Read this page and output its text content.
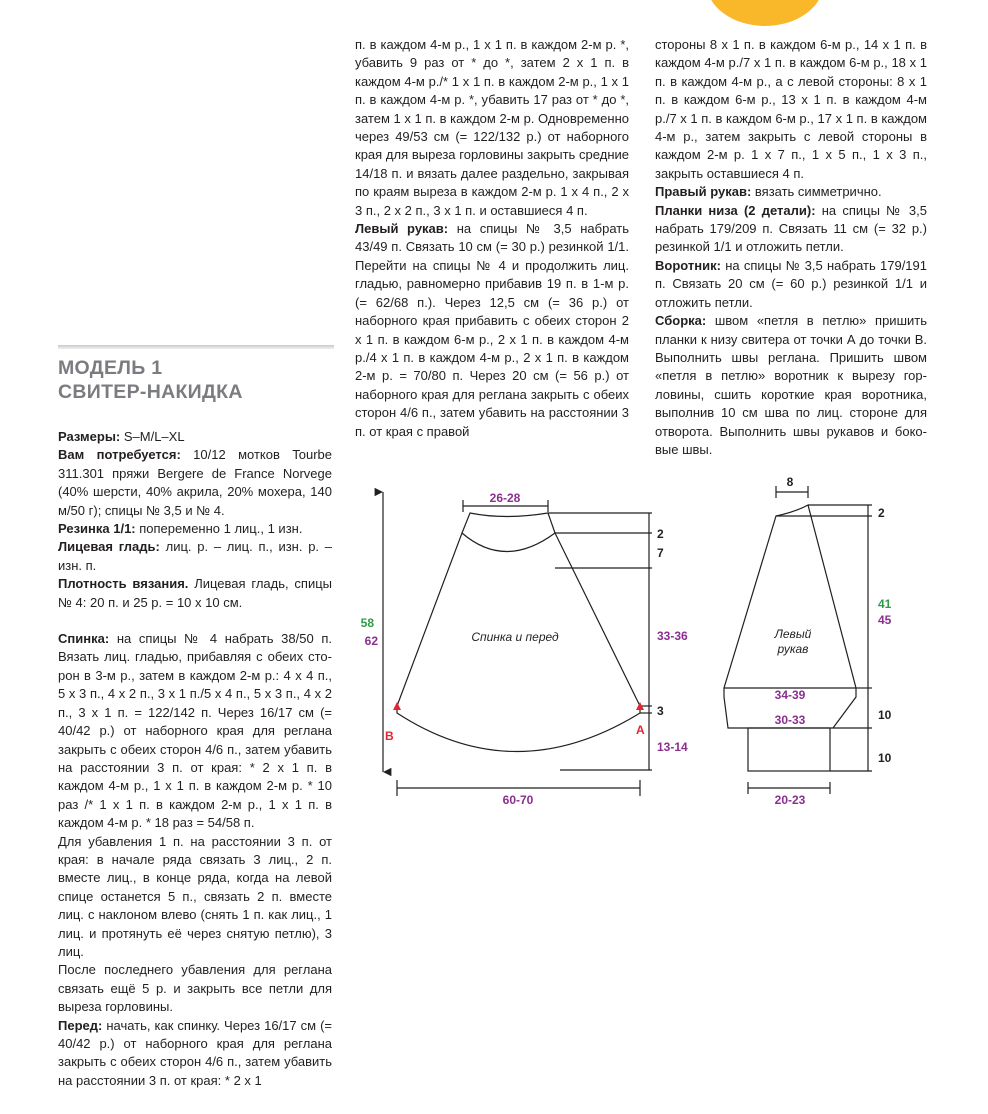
МОДЕЛЬ 1
СВИТЕР-НАКИДКА

Размеры: S–M/L–XL

Вам потребуется: 10/12 мотков Tourbe 311.301 пряжи Bergere de France Norvege (40% шерсти, 40% акрила, 20% мохера, 140 м/50 г); спицы № 3,5 и № 4.

Резинка 1/1: попеременно 1 лиц., 1 изн.

Лицевая гладь: лиц. р. – лиц. п., изн. р. – изн. п.

Плотность вязания. Лицевая гладь, спицы № 4: 20 п. и 25 р. = 10 х 10 см.

Спинка: на спицы № 4 набрать 38/50 п. Вязать лиц. гладью, прибавляя с обеих сторон в 3-м р., затем в каждом 2-м р.: 4 х 4 п., 5 х 3 п., 4 х 2 п., 3 х 1 п./5 х 4 п., 5 х 3 п., 4 х 2 п., 3 х 1 п. = 122/142 п. Через 16/17 см (= 40/42 р.) от наборного края для реглана закрыть с обеих сторон 4/6 п., затем убавить на расстоянии 3 п. от края: * 2 х 1 п. в каждом 4-м р., 1 х 1 п. в каждом 2-м р. * 10 раз /* 1 х 1 п. в каждом 2-м р., 1 х 1 п. в каждом 4-м р. * 18 раз = 54/58 п.

Для убавления 1 п. на расстоянии 3 п. от края: в начале ряда связать 3 лиц., 2 п. вместе лиц., в конце ряда, когда на левой спице останется 5 п., связать 2 п. вместе лиц. с наклоном влево (снять 1 п. как лиц., 1 лиц. и протянуть её через снятую петлю), 3 лиц.

После последнего убавления для реглана связать ещё 5 р. и закрыть все петли для выреза горловины.

Перед: начать, как спинку. Через 16/17 см (= 40/42 р.) от наборного края для реглана закрыть с обеих сторон 4/6 п., затем убавить на расстоянии 3 п. от края: * 2 х 1

п. в каждом 4-м р., 1 х 1 п. в каждом 2-м р. *, убавить 9 раз от * до *, затем 2 х 1 п. в каждом 4-м р./* 1 х 1 п. в каждом 2-м р., 1 х 1 п. в каждом 4-м р. *, убавить 17 раз от * до *, затем 1 х 1 п. в каждом 2-м р. Одновременно через 49/53 см (= 122/132 р.) от наборного края для выреза горловины закрыть средние 14/18 п. и вязать далее раздельно, закрывая по краям выреза в каждом 2-м р. 1 х 4 п., 2 х 3 п., 2 х 2 п., 3 х 1 п. и оставшиеся 4 п.

Левый рукав: на спицы № 3,5 набрать 43/49 п. Связать 10 см (= 30 р.) резинкой 1/1. Перейти на спицы № 4 и продолжить лиц. гладью, равномерно прибавив 19 п. в 1-м р. (= 62/68 п.). Через 12,5 см (= 36 р.) от наборного края прибавить с обеих сторон 2 х 1 п. в каждом 6-м р., 2 х 1 п. в каждом 4-м р./4 х 1 п. в каждом 4-м р., 2 х 1 п. в каждом 2-м р. = 70/80 п. Через 20 см (= 56 р.) от наборного края для реглана закрыть с обеих сторон 4/6 п., затем убавить на расстоянии 3 п. от края с правой

стороны 8 х 1 п. в каждом 6-м р., 14 х 1 п. в каждом 4-м р./7 х 1 п. в каждом 6-м р., 18 х 1 п. в каждом 4-м р., а с левой стороны: 8 х 1 п. в каждом 6-м р., 13 х 1 п. в каждом 4-м р./7 х 1 п. в каждом 6-м р., 17 х 1 п. в каждом 4-м р., затем закрыть с левой стороны в каждом 2-м р. 1 х 7 п., 1 х 5 п., 1 х 3 п., закрыть оставшиеся 4 п.

Правый рукав: вязать симметрично.

Планки низа (2 детали): на спицы № 3,5 набрать 179/209 п. Связать 11 см (= 32 р.) резинкой 1/1 и отложить петли.

Воротник: на спицы № 3,5 набрать 179/191 п. Связать 20 см (= 60 р.) резинкой 1/1 и отложить петли.

Сборка: швом «петля в петлю» пришить планки к низу свитера от точки А до точки В. Выполнить швы реглана. Пришить швом «петля в петлю» воротник к вырезу горловины, сшить короткие края воротника, выполнив 10 см шва по лиц. стороне для отворота. Выполнить швы рукавов и боковые швы.

26-28
2
7
58
62	Спинка и перед	33-36
3
B	A
13-14
60-70
8
2
41
45
Левый
рукав
34-39
30-33	10
10
20-23
